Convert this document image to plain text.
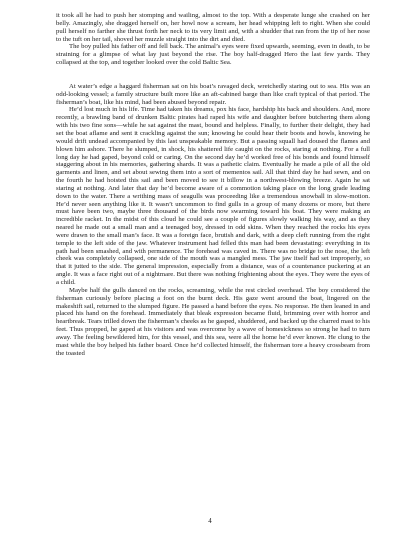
it took all he had to push her stomping and wailing, almost to the top. With a desperate lunge she crashed on her belly. Amazingly, she dragged herself on, her howl now a scream, her head whipping left to right. When she could pull herself no farther she thrust forth her neck to its very limit and, with a shudder that ran from the tip of her nose to the tuft on her tail, shoved her muzzle straight into the dirt and died.

The boy pulled his father off and fell back. The animal’s eyes were fixed upwards, seeming, even in death, to be straining for a glimpse of what lay just beyond the rise. The boy half-dragged Hero the last few yards. They collapsed at the top, and together looked over the cold Baltic Sea.

At water’s edge a haggard fisherman sat on his boat’s ravaged deck, wretchedly staring out to sea. His was an odd-looking vessel; a family structure built more like an aft-cabined barge than like craft typical of that period. The fisherman’s boat, like his mind, had been abused beyond repair.

He’d lost much in his life. Time had taken his dreams, pox his face, hardship his back and shoulders. And, more recently, a brawling band of drunken Baltic pirates had raped his wife and daughter before butchering them along with his two fine sons—while he sat against the mast, bound and helpless. Finally, to further their delight, they had set the boat aflame and sent it crackling against the sun; knowing he could hear their boots and howls, knowing he would drift undead accompanied by this last unspeakable memory. But a passing squall had doused the flames and blown him ashore. There he slumped, in shock, his shattered life caught on the rocks, staring at nothing. For a full long day he had gaped, beyond cold or caring. On the second day he’d worked free of his bonds and found himself staggering about in his memories, gathering shards. It was a pathetic claim. Eventually he made a pile of all the old garments and linen, and set about sewing them into a sort of mementos sail. All that third day he had sewn, and on the fourth he had hoisted this sail and been moved to see it billow in a northwest-blowing breeze. Again he sat staring at nothing. And later that day he’d become aware of a commotion taking place on the long grade leading down to the water. There a writhing mass of seagulls was proceeding like a tremendous snowball in slow-motion. He’d never seen anything like it. It wasn’t uncommon to find gulls in a group of many dozens or more, but there must have been two, maybe three thousand of the birds now swarming toward his boat. They were making an incredible racket. In the midst of this cloud he could see a couple of figures slowly walking his way, and as they neared he made out a small man and a teenaged boy, dressed in odd skins. When they reached the rocks his eyes were drawn to the small man’s face. It was a foreign face, brutish and dark, with a deep cleft running from the right temple to the left side of the jaw. Whatever instrument had felled this man had been devastating: everything in its path had been smashed, and with permanence. The forehead was caved in. There was no bridge to the nose, the left cheek was completely collapsed, one side of the mouth was a mangled mess. The jaw itself had set improperly, so that it jutted to the side. The general impression, especially from a distance, was of a countenance puckering at an angle. It was a face right out of a nightmare. But there was nothing frightening about the eyes. They were the eyes of a child.

Maybe half the gulls danced on the rocks, screaming, while the rest circled overhead. The boy considered the fisherman curiously before placing a foot on the burnt deck. His gaze went around the boat, lingered on the makeshift sail, returned to the slumped figure. He passed a hand before the eyes. No response. He then leaned in and placed his hand on the forehead. Immediately that bleak expression became fluid, brimming over with horror and heartbreak. Tears trilled down the fisherman’s cheeks as he gasped, shuddered, and backed up the charred mast to his feet. Thus propped, he gaped at his visitors and was overcome by a wave of homesickness so strong he had to turn away. The feeling bewildered him, for this vessel, and this sea, were all the home he’d ever known. He clung to the mast while the boy helped his father board. Once he’d collected himself, the fisherman tore a heavy crossbeam from the toasted

4
